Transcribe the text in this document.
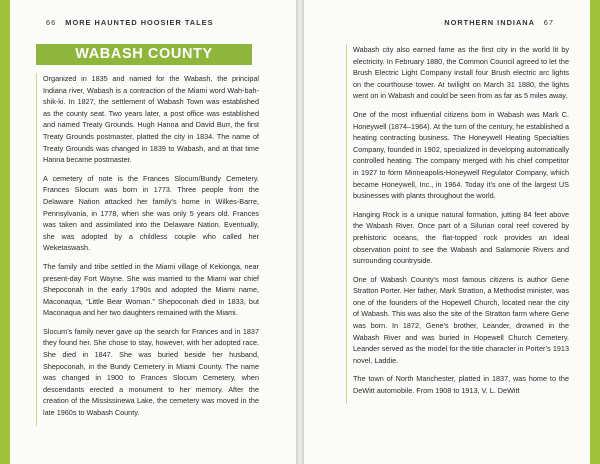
66 MORE HAUNTED HOOSIER TALES
WABASH COUNTY

Organized in 1835 and named for the Wabash, the principal Indiana river, Wabash is a contraction of the Miami word Wah-bah-shik-ki. In 1827, the settlement of Wabash Town was established as the county seat. Two years later, a post office was established and named Treaty Grounds. Hugh Hanna and David Burr, the first Treaty Grounds postmaster, platted the city in 1834. The name of Treaty Grounds was changed in 1839 to Wabash, and at that time Hanna became postmaster.

A cemetery of note is the Frances Slocum/Bundy Cemetery. Frances Slocum was born in 1773. Three people from the Delaware Nation attacked her family’s home in Wilkes-Barre, Pennsylvania, in 1778, when she was only 5 years old. Frances was taken and assimilated into the Delaware Nation. Eventually, she was adopted by a childless couple who called her Weketaswash.

The family and tribe settled in the Miami village of Kekionga, near present-day Fort Wayne. She was married to the Miami war chief Shepoconah in the early 1790s and adopted the Miami name, Maconaqua, “Little Bear Woman.” Shepoconah died in 1833, but Maconaqua and her two daughters remained with the Miami.

Slocum’s family never gave up the search for Frances and in 1837 they found her. She chose to stay, however, with her adopted race. She died in 1847. She was buried beside her husband, Shepoconah, in the Bundy Cemetery in Miami County. The name was changed in 1900 to Frances Slocum Cemetery, when descendants erected a monument to her memory. After the creation of the Mississinewa Lake, the cemetery was moved in the late 1960s to Wabash County.

NORTHERN INDIANA 67

Wabash city also earned fame as the first city in the world lit by electricity. In February 1880, the Common Council agreed to let the Brush Electric Light Company install four Brush electric arc lights on the courthouse tower. At twilight on March 31 1880, the lights went on in Wabash and could be seen from as far as 5 miles away.

One of the most influential citizens born in Wabash was Mark C. Honeywell (1874–1964). At the turn of the century, he established a heating contracting business. The Honeywell Heating Specialties Company, founded in 1902, specialized in developing automatically controlled heating. The company merged with his chief competitor in 1927 to form Minneapolis-Honeywell Regulator Company, which became Honeywell, Inc., in 1964. Today it’s one of the largest US businesses with plants throughout the world.

Hanging Rock is a unique natural formation, jutting 84 feet above the Wabash River. Once part of a Silurian coral reef covered by prehistoric oceans, the flat-topped rock provides an ideal observation point to see the Wabash and Salamonie Rivers and surrounding countryside.

One of Wabash County’s most famous citizens is author Gene Stratton Porter. Her father, Mark Stratton, a Methodist minister, was one of the founders of the Hopewell Church, located near the city of Wabash. This was also the site of the Stratton farm where Gene was born. In 1872, Gene’s brother, Leander, drowned in the Wabash River and was buried in Hopewell Church Cemetery. Leander served as the model for the title character in Porter’s 1913 novel, Laddie.

The town of North Manchester, platted in 1837, was home to the DeWitt automobile. From 1908 to 1913, V. L. DeWitt
